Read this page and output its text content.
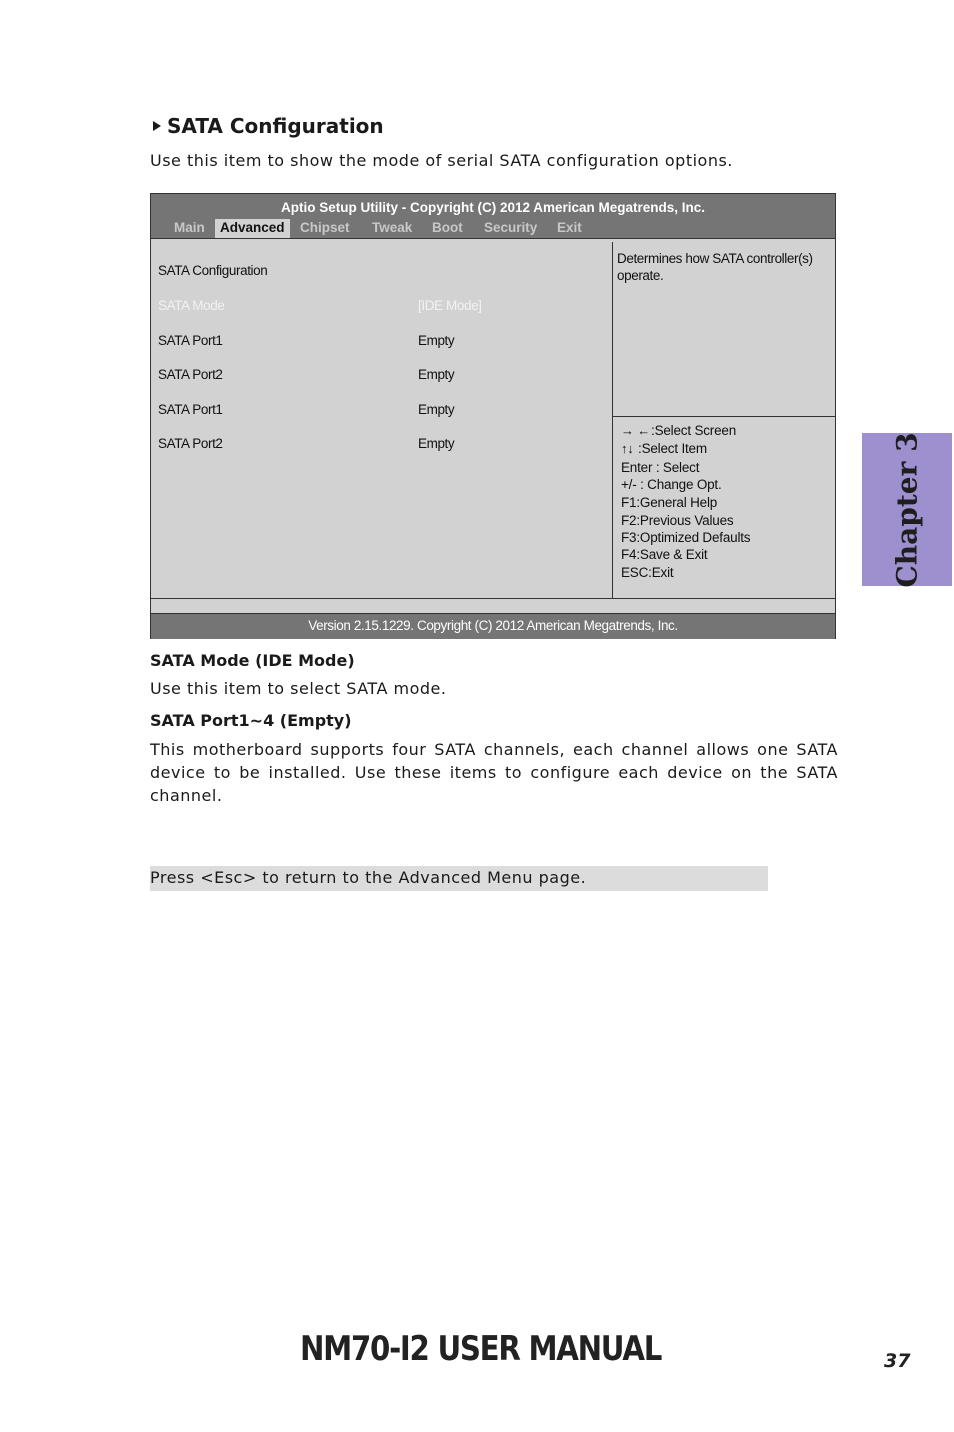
SATA Configuration
Use this item to show the mode of serial SATA configuration options.
Aptio Setup Utility - Copyright (C) 2012 American Megatrends, Inc.
Main	Advanced	Chipset Tweak Boot Security Exit
SATA Configuration
SATA Mode	[IDE Mode]
SATA Port1	Empty
SATA Port2	Empty
SATA Port1	Empty
SATA Port2	Empty
Determines how SATA controller(s) operate.
→ ←:Select Screen
↑↓ :Select Item
Enter : Select
+/- : Change Opt.
F1:General Help
F2:Previous Values
F3:Optimized Defaults
F4:Save & Exit
ESC:Exit
Version 2.15.1229. Copyright (C) 2012 American Megatrends, Inc.
SATA Mode (IDE Mode)
Use this item to select SATA mode.
SATA Port1~4 (Empty)
This motherboard supports four SATA channels, each channel allows one SATA device to be installed. Use these items to configure each device on the SATA channel.
Press <Esc> to return to the Advanced Menu page.
Chapter 3
NM70-I2 USER MANUAL	37
